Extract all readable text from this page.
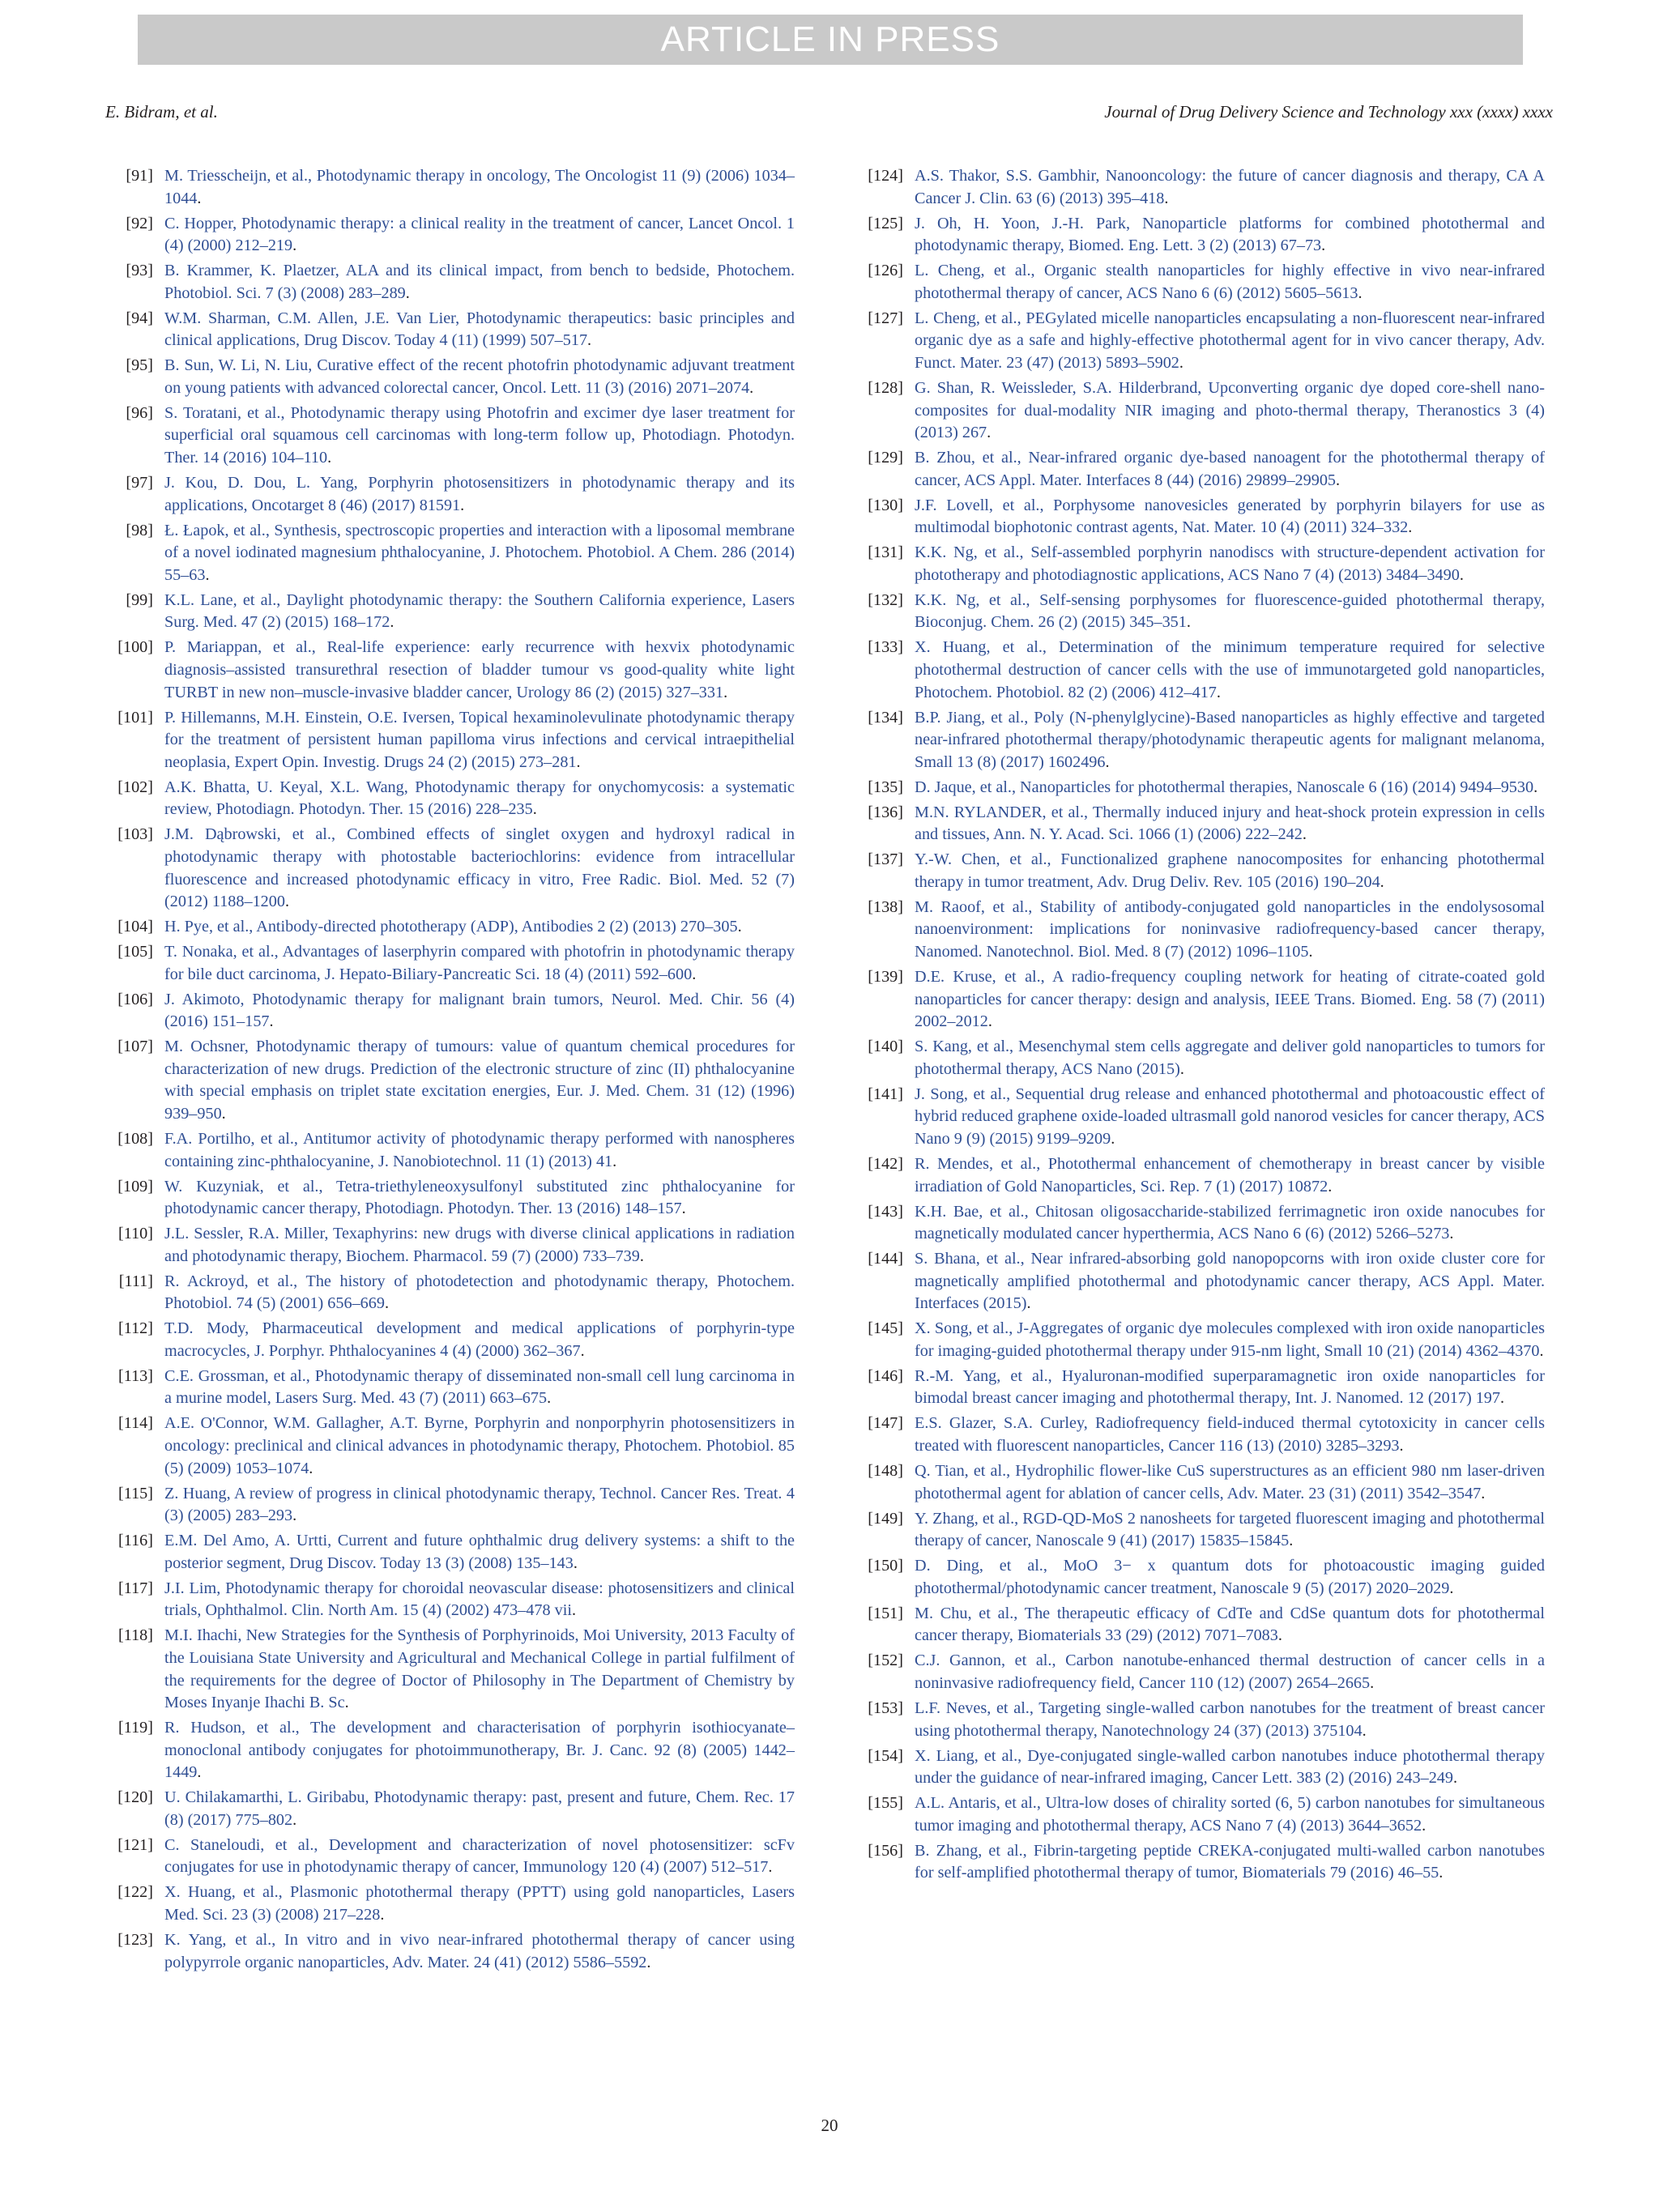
ARTICLE IN PRESS
E. Bidram, et al.	Journal of Drug Delivery Science and Technology xxx (xxxx) xxxx
[91] M. Triesscheijn, et al., Photodynamic therapy in oncology, The Oncologist 11 (9) (2006) 1034–1044.
[92] C. Hopper, Photodynamic therapy: a clinical reality in the treatment of cancer, Lancet Oncol. 1 (4) (2000) 212–219.
[93] B. Krammer, K. Plaetzer, ALA and its clinical impact, from bench to bedside, Photochem. Photobiol. Sci. 7 (3) (2008) 283–289.
[94] W.M. Sharman, C.M. Allen, J.E. Van Lier, Photodynamic therapeutics: basic principles and clinical applications, Drug Discov. Today 4 (11) (1999) 507–517.
[95] B. Sun, W. Li, N. Liu, Curative effect of the recent photofrin photodynamic adjuvant treatment on young patients with advanced colorectal cancer, Oncol. Lett. 11 (3) (2016) 2071–2074.
[96] S. Toratani, et al., Photodynamic therapy using Photofrin and excimer dye laser treatment for superficial oral squamous cell carcinomas with long-term follow up, Photodiagn. Photodyn. Ther. 14 (2016) 104–110.
[97] J. Kou, D. Dou, L. Yang, Porphyrin photosensitizers in photodynamic therapy and its applications, Oncotarget 8 (46) (2017) 81591.
[98] Ł. Łapok, et al., Synthesis, spectroscopic properties and interaction with a liposomal membrane of a novel iodinated magnesium phthalocyanine, J. Photochem. Photobiol. A Chem. 286 (2014) 55–63.
[99] K.L. Lane, et al., Daylight photodynamic therapy: the Southern California experience, Lasers Surg. Med. 47 (2) (2015) 168–172.
[100] P. Mariappan, et al., Real-life experience: early recurrence with hexvix photodynamic diagnosis–assisted transurethral resection of bladder tumour vs good-quality white light TURBT in new non–muscle-invasive bladder cancer, Urology 86 (2) (2015) 327–331.
[101] P. Hillemanns, M.H. Einstein, O.E. Iversen, Topical hexaminolevulinate photodynamic therapy for the treatment of persistent human papilloma virus infections and cervical intraepithelial neoplasia, Expert Opin. Investig. Drugs 24 (2) (2015) 273–281.
[102] A.K. Bhatta, U. Keyal, X.L. Wang, Photodynamic therapy for onychomycosis: a systematic review, Photodiagn. Photodyn. Ther. 15 (2016) 228–235.
[103] J.M. Dąbrowski, et al., Combined effects of singlet oxygen and hydroxyl radical in photodynamic therapy with photostable bacteriochlorins: evidence from intracellular fluorescence and increased photodynamic efficacy in vitro, Free Radic. Biol. Med. 52 (7) (2012) 1188–1200.
[104] H. Pye, et al., Antibody-directed phototherapy (ADP), Antibodies 2 (2) (2013) 270–305.
[105] T. Nonaka, et al., Advantages of laserphyrin compared with photofrin in photodynamic therapy for bile duct carcinoma, J. Hepato-Biliary-Pancreatic Sci. 18 (4) (2011) 592–600.
[106] J. Akimoto, Photodynamic therapy for malignant brain tumors, Neurol. Med. Chir. 56 (4) (2016) 151–157.
[107] M. Ochsner, Photodynamic therapy of tumours: value of quantum chemical procedures for characterization of new drugs. Prediction of the electronic structure of zinc (II) phthalocyanine with special emphasis on triplet state excitation energies, Eur. J. Med. Chem. 31 (12) (1996) 939–950.
[108] F.A. Portilho, et al., Antitumor activity of photodynamic therapy performed with nanospheres containing zinc-phthalocyanine, J. Nanobiotechnol. 11 (1) (2013) 41.
[109] W. Kuzyniak, et al., Tetra-triethyleneoxysulfonyl substituted zinc phthalocyanine for photodynamic cancer therapy, Photodiagn. Photodyn. Ther. 13 (2016) 148–157.
[110] J.L. Sessler, R.A. Miller, Texaphyrins: new drugs with diverse clinical applications in radiation and photodynamic therapy, Biochem. Pharmacol. 59 (7) (2000) 733–739.
[111] R. Ackroyd, et al., The history of photodetection and photodynamic therapy, Photochem. Photobiol. 74 (5) (2001) 656–669.
[112] T.D. Mody, Pharmaceutical development and medical applications of porphyrin-type macrocycles, J. Porphyr. Phthalocyanines 4 (4) (2000) 362–367.
[113] C.E. Grossman, et al., Photodynamic therapy of disseminated non-small cell lung carcinoma in a murine model, Lasers Surg. Med. 43 (7) (2011) 663–675.
[114] A.E. O'Connor, W.M. Gallagher, A.T. Byrne, Porphyrin and nonporphyrin photosensitizers in oncology: preclinical and clinical advances in photodynamic therapy, Photochem. Photobiol. 85 (5) (2009) 1053–1074.
[115] Z. Huang, A review of progress in clinical photodynamic therapy, Technol. Cancer Res. Treat. 4 (3) (2005) 283–293.
[116] E.M. Del Amo, A. Urtti, Current and future ophthalmic drug delivery systems: a shift to the posterior segment, Drug Discov. Today 13 (3) (2008) 135–143.
[117] J.I. Lim, Photodynamic therapy for choroidal neovascular disease: photosensitizers and clinical trials, Ophthalmol. Clin. North Am. 15 (4) (2002) 473–478 vii.
[118] M.I. Ihachi, New Strategies for the Synthesis of Porphyrinoids, Moi University, 2013 Faculty of the Louisiana State University and Agricultural and Mechanical College in partial fulfilment of the requirements for the degree of Doctor of Philosophy in The Department of Chemistry by Moses Inyanje Ihachi B. Sc.
[119] R. Hudson, et al., The development and characterisation of porphyrin isothiocyanate–monoclonal antibody conjugates for photoimmunotherapy, Br. J. Canc. 92 (8) (2005) 1442–1449.
[120] U. Chilakamarthi, L. Giribabu, Photodynamic therapy: past, present and future, Chem. Rec. 17 (8) (2017) 775–802.
[121] C. Staneloudi, et al., Development and characterization of novel photosensitizer: scFv conjugates for use in photodynamic therapy of cancer, Immunology 120 (4) (2007) 512–517.
[122] X. Huang, et al., Plasmonic photothermal therapy (PPTT) using gold nanoparticles, Lasers Med. Sci. 23 (3) (2008) 217–228.
[123] K. Yang, et al., In vitro and in vivo near-infrared photothermal therapy of cancer using polypyrrole organic nanoparticles, Adv. Mater. 24 (41) (2012) 5586–5592.
[124] A.S. Thakor, S.S. Gambhir, Nanooncology: the future of cancer diagnosis and therapy, CA A Cancer J. Clin. 63 (6) (2013) 395–418.
[125] J. Oh, H. Yoon, J.-H. Park, Nanoparticle platforms for combined photothermal and photodynamic therapy, Biomed. Eng. Lett. 3 (2) (2013) 67–73.
[126] L. Cheng, et al., Organic stealth nanoparticles for highly effective in vivo near-infrared photothermal therapy of cancer, ACS Nano 6 (6) (2012) 5605–5613.
[127] L. Cheng, et al., PEGylated micelle nanoparticles encapsulating a non-fluorescent near-infrared organic dye as a safe and highly-effective photothermal agent for in vivo cancer therapy, Adv. Funct. Mater. 23 (47) (2013) 5893–5902.
[128] G. Shan, R. Weissleder, S.A. Hilderbrand, Upconverting organic dye doped core-shell nano-composites for dual-modality NIR imaging and photo-thermal therapy, Theranostics 3 (4) (2013) 267.
[129] B. Zhou, et al., Near-infrared organic dye-based nanoagent for the photothermal therapy of cancer, ACS Appl. Mater. Interfaces 8 (44) (2016) 29899–29905.
[130] J.F. Lovell, et al., Porphysome nanovesicles generated by porphyrin bilayers for use as multimodal biophotonic contrast agents, Nat. Mater. 10 (4) (2011) 324–332.
[131] K.K. Ng, et al., Self-assembled porphyrin nanodiscs with structure-dependent activation for phototherapy and photodiagnostic applications, ACS Nano 7 (4) (2013) 3484–3490.
[132] K.K. Ng, et al., Self-sensing porphysomes for fluorescence-guided photothermal therapy, Bioconjug. Chem. 26 (2) (2015) 345–351.
[133] X. Huang, et al., Determination of the minimum temperature required for selective photothermal destruction of cancer cells with the use of immunotargeted gold nanoparticles, Photochem. Photobiol. 82 (2) (2006) 412–417.
[134] B.P. Jiang, et al., Poly (N-phenylglycine)-Based nanoparticles as highly effective and targeted near-infrared photothermal therapy/photodynamic therapeutic agents for malignant melanoma, Small 13 (8) (2017) 1602496.
[135] D. Jaque, et al., Nanoparticles for photothermal therapies, Nanoscale 6 (16) (2014) 9494–9530.
[136] M.N. RYLANDER, et al., Thermally induced injury and heat-shock protein expression in cells and tissues, Ann. N. Y. Acad. Sci. 1066 (1) (2006) 222–242.
[137] Y.-W. Chen, et al., Functionalized graphene nanocomposites for enhancing photothermal therapy in tumor treatment, Adv. Drug Deliv. Rev. 105 (2016) 190–204.
[138] M. Raoof, et al., Stability of antibody-conjugated gold nanoparticles in the endolysosomal nanoenvironment: implications for noninvasive radiofrequency-based cancer therapy, Nanomed. Nanotechnol. Biol. Med. 8 (7) (2012) 1096–1105.
[139] D.E. Kruse, et al., A radio-frequency coupling network for heating of citrate-coated gold nanoparticles for cancer therapy: design and analysis, IEEE Trans. Biomed. Eng. 58 (7) (2011) 2002–2012.
[140] S. Kang, et al., Mesenchymal stem cells aggregate and deliver gold nanoparticles to tumors for photothermal therapy, ACS Nano (2015).
[141] J. Song, et al., Sequential drug release and enhanced photothermal and photoacoustic effect of hybrid reduced graphene oxide-loaded ultrasmall gold nanorod vesicles for cancer therapy, ACS Nano 9 (9) (2015) 9199–9209.
[142] R. Mendes, et al., Photothermal enhancement of chemotherapy in breast cancer by visible irradiation of Gold Nanoparticles, Sci. Rep. 7 (1) (2017) 10872.
[143] K.H. Bae, et al., Chitosan oligosaccharide-stabilized ferrimagnetic iron oxide nanocubes for magnetically modulated cancer hyperthermia, ACS Nano 6 (6) (2012) 5266–5273.
[144] S. Bhana, et al., Near infrared-absorbing gold nanopopcorns with iron oxide cluster core for magnetically amplified photothermal and photodynamic cancer therapy, ACS Appl. Mater. Interfaces (2015).
[145] X. Song, et al., J-Aggregates of organic dye molecules complexed with iron oxide nanoparticles for imaging-guided photothermal therapy under 915-nm light, Small 10 (21) (2014) 4362–4370.
[146] R.-M. Yang, et al., Hyaluronan-modified superparamagnetic iron oxide nanoparticles for bimodal breast cancer imaging and photothermal therapy, Int. J. Nanomed. 12 (2017) 197.
[147] E.S. Glazer, S.A. Curley, Radiofrequency field-induced thermal cytotoxicity in cancer cells treated with fluorescent nanoparticles, Cancer 116 (13) (2010) 3285–3293.
[148] Q. Tian, et al., Hydrophilic flower-like CuS superstructures as an efficient 980 nm laser-driven photothermal agent for ablation of cancer cells, Adv. Mater. 23 (31) (2011) 3542–3547.
[149] Y. Zhang, et al., RGD-QD-MoS 2 nanosheets for targeted fluorescent imaging and photothermal therapy of cancer, Nanoscale 9 (41) (2017) 15835–15845.
[150] D. Ding, et al., MoO 3− x quantum dots for photoacoustic imaging guided photothermal/photodynamic cancer treatment, Nanoscale 9 (5) (2017) 2020–2029.
[151] M. Chu, et al., The therapeutic efficacy of CdTe and CdSe quantum dots for photothermal cancer therapy, Biomaterials 33 (29) (2012) 7071–7083.
[152] C.J. Gannon, et al., Carbon nanotube-enhanced thermal destruction of cancer cells in a noninvasive radiofrequency field, Cancer 110 (12) (2007) 2654–2665.
[153] L.F. Neves, et al., Targeting single-walled carbon nanotubes for the treatment of breast cancer using photothermal therapy, Nanotechnology 24 (37) (2013) 375104.
[154] X. Liang, et al., Dye-conjugated single-walled carbon nanotubes induce photothermal therapy under the guidance of near-infrared imaging, Cancer Lett. 383 (2) (2016) 243–249.
[155] A.L. Antaris, et al., Ultra-low doses of chirality sorted (6, 5) carbon nanotubes for simultaneous tumor imaging and photothermal therapy, ACS Nano 7 (4) (2013) 3644–3652.
[156] B. Zhang, et al., Fibrin-targeting peptide CREKA-conjugated multi-walled carbon nanotubes for self-amplified photothermal therapy of tumor, Biomaterials 79 (2016) 46–55.
20
